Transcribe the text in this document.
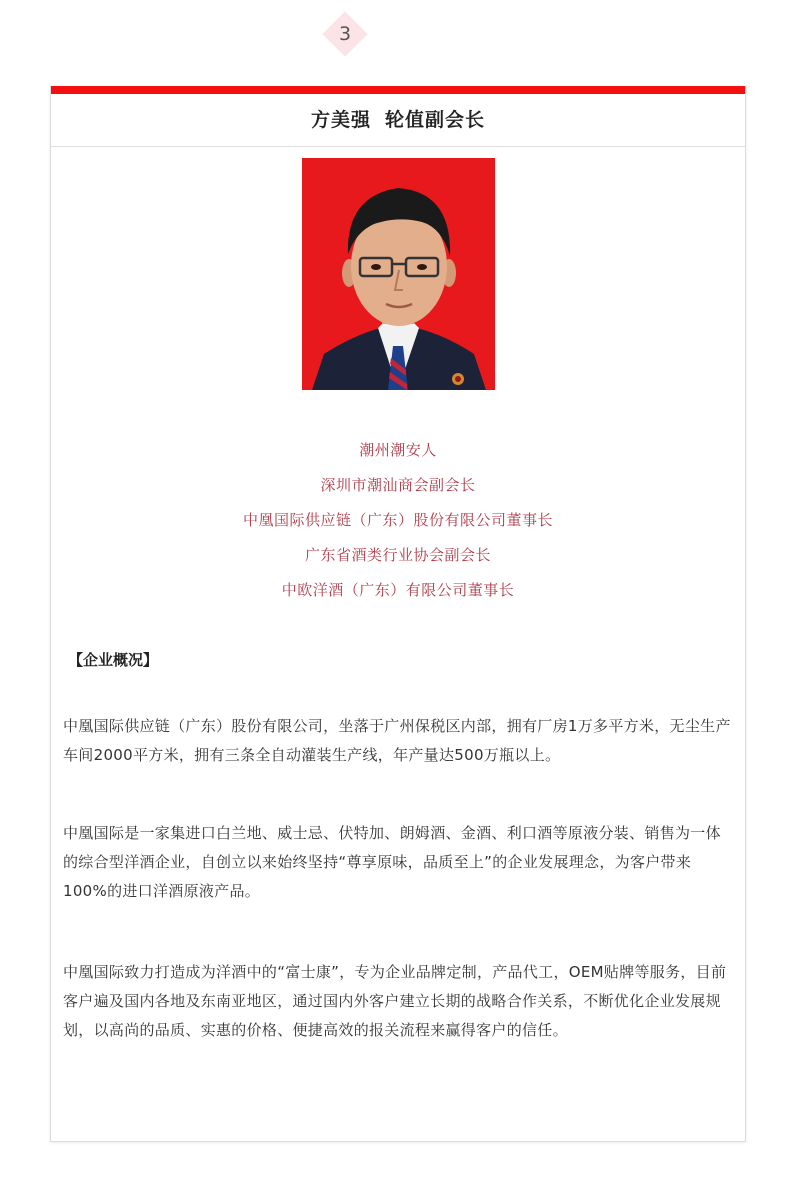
3
方美强 轮值副会长
潮州潮安人
深圳市潮汕商会副会长
中凰国际供应链（广东）股份有限公司董事长
广东省酒类行业协会副会长
中欧洋酒（广东）有限公司董事长
【企业概况】

中凰国际供应链（广东）股份有限公司，坐落于广州保税区内部，拥有厂房1万多平方米，无尘生产车间2000平方米，拥有三条全自动灌装生产线，年产量达500万瓶以上。

中凰国际是一家集进口白兰地、威士忌、伏特加、朗姆酒、金酒、利口酒等原液分装、销售为一体的综合型洋酒企业，自创立以来始终坚持“尊享原味，品质至上”的企业发展理念，为客户带来100%的进口洋酒原液产品。

中凰国际致力打造成为洋酒中的“富士康”，专为企业品牌定制，产品代工，OEM贴牌等服务，目前客户遍及国内各地及东南亚地区，通过国内外客户建立长期的战略合作关系，不断优化企业发展规划，以高尚的品质、实惠的价格、便捷高效的报关流程来赢得客户的信任。
